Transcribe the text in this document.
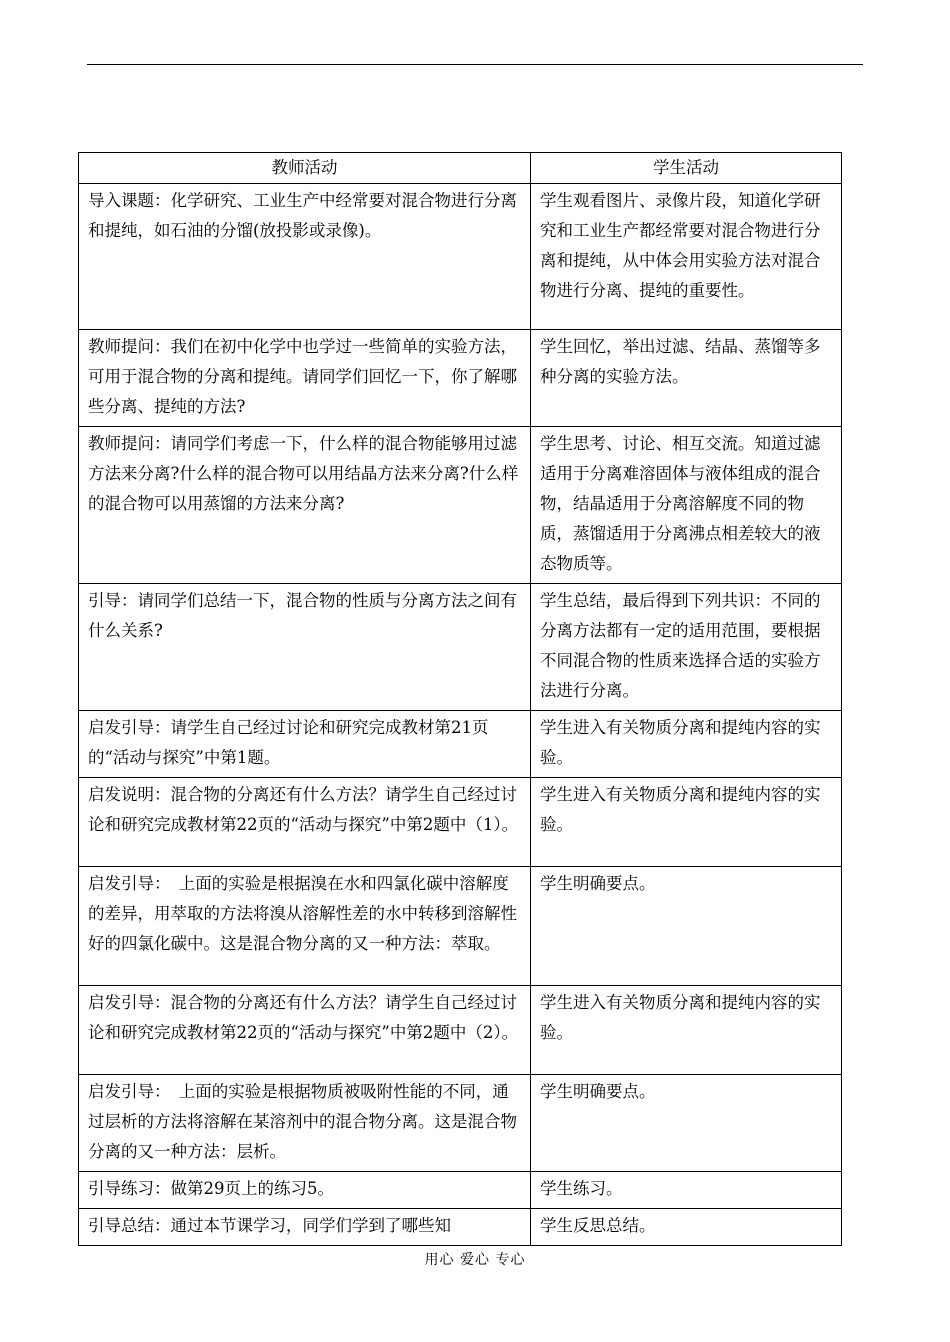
教师活动	学生活动
导入课题：化学研究、工业生产中经常要对混合物进行分离和提纯，如石油的分馏(放投影或录像)。	学生观看图片、录像片段，知道化学研究和工业生产都经常要对混合物进行分离和提纯，从中体会用实验方法对混合物进行分离、提纯的重要性。
教师提问：我们在初中化学中也学过一些简单的实验方法，可用于混合物的分离和提纯。请同学们回忆一下，你了解哪些分离、提纯的方法?	学生回忆，举出过滤、结晶、蒸馏等多种分离的实验方法。
教师提问：请同学们考虑一下，什么样的混合物能够用过滤方法来分离?什么样的混合物可以用结晶方法来分离?什么样的混合物可以用蒸馏的方法来分离?	学生思考、讨论、相互交流。知道过滤适用于分离难溶固体与液体组成的混合物，结晶适用于分离溶解度不同的物质，蒸馏适用于分离沸点相差较大的液态物质等。
引导：请同学们总结一下，混合物的性质与分离方法之间有什么关系?	学生总结，最后得到下列共识：不同的分离方法都有一定的适用范围，要根据不同混合物的性质来选择合适的实验方法进行分离。
启发引导：请学生自己经过讨论和研究完成教材第21页的“活动与探究”中第1题。	学生进入有关物质分离和提纯内容的实验。
启发说明：混合物的分离还有什么方法？请学生自己经过讨论和研究完成教材第22页的“活动与探究”中第2题中（1）。	学生进入有关物质分离和提纯内容的实验。
启发引导：　上面的实验是根据溴在水和四氯化碳中溶解度的差异，用萃取的方法将溴从溶解性差的水中转移到溶解性好的四氯化碳中。这是混合物分离的又一种方法：萃取。	学生明确要点。
启发引导：混合物的分离还有什么方法？请学生自己经过讨论和研究完成教材第22页的“活动与探究”中第2题中（2）。	学生进入有关物质分离和提纯内容的实验。
启发引导：　上面的实验是根据物质被吸附性能的不同，通过层析的方法将溶解在某溶剂中的混合物分离。这是混合物分离的又一种方法：层析。	学生明确要点。
引导练习：做第29页上的练习5。	学生练习。
引导总结：通过本节课学习，同学们学到了哪些知	学生反思总结。
用心 爱心 专心
